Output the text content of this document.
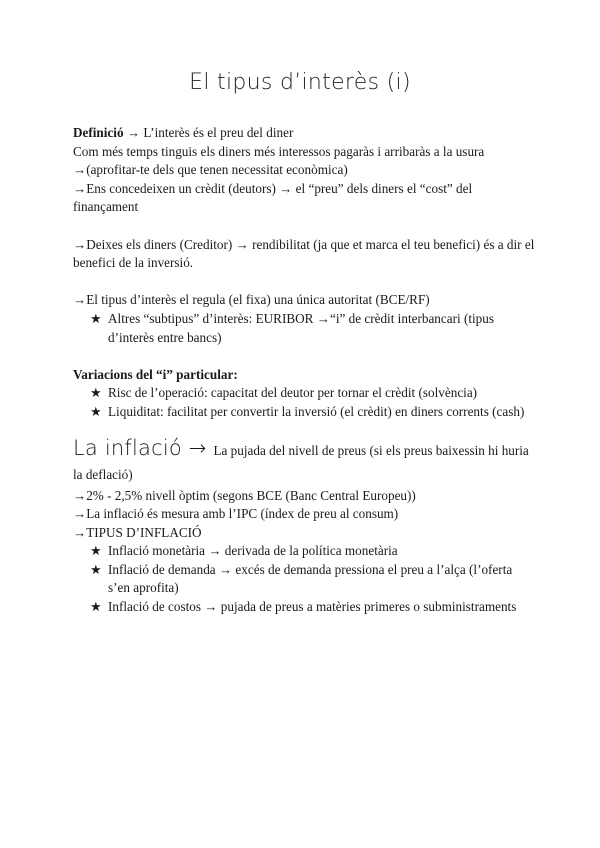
El tipus d’interès (i)

Definició → L’interès és el preu del diner

Com més temps tinguis els diners més interessos pagaràs i arribaràs a la usura

→(aprofitar-te dels que tenen necessitat econòmica)

→Ens concedeixen un crèdit (deutors) → el “preu” dels diners el “cost” del finançament

→Deixes els diners (Creditor) → rendibilitat (ja que et marca el teu benefici) és a dir el benefici de la inversió.

→El tipus d’interès el regula (el fixa) una única autoritat (BCE/RF)

★ Altres “subtipus” d’interès: EURIBOR →“i” de crèdit interbancari (tipus d’interès entre bancs)

Variacions del “i” particular:

★ Risc de l’operació: capacitat del deutor per tornar el crèdit (solvència)
★ Liquiditat: facilitat per convertir la inversió (el crèdit) en diners corrents (cash)

La inflació → La pujada del nivell de preus (si els preus baixessin hi huria la deflació)

→2% - 2,5% nivell òptim (segons BCE (Banc Central Europeu))

→La inflació és mesura amb l’IPC (índex de preu al consum)

→TIPUS D’INFLACIÓ

★ Inflació monetària → derivada de la política monetària
★ Inflació de demanda → excés de demanda pressiona el preu a l’alça (l’oferta s’en aprofita)
★ Inflació de costos → pujada de preus a matèries primeres o subministraments
